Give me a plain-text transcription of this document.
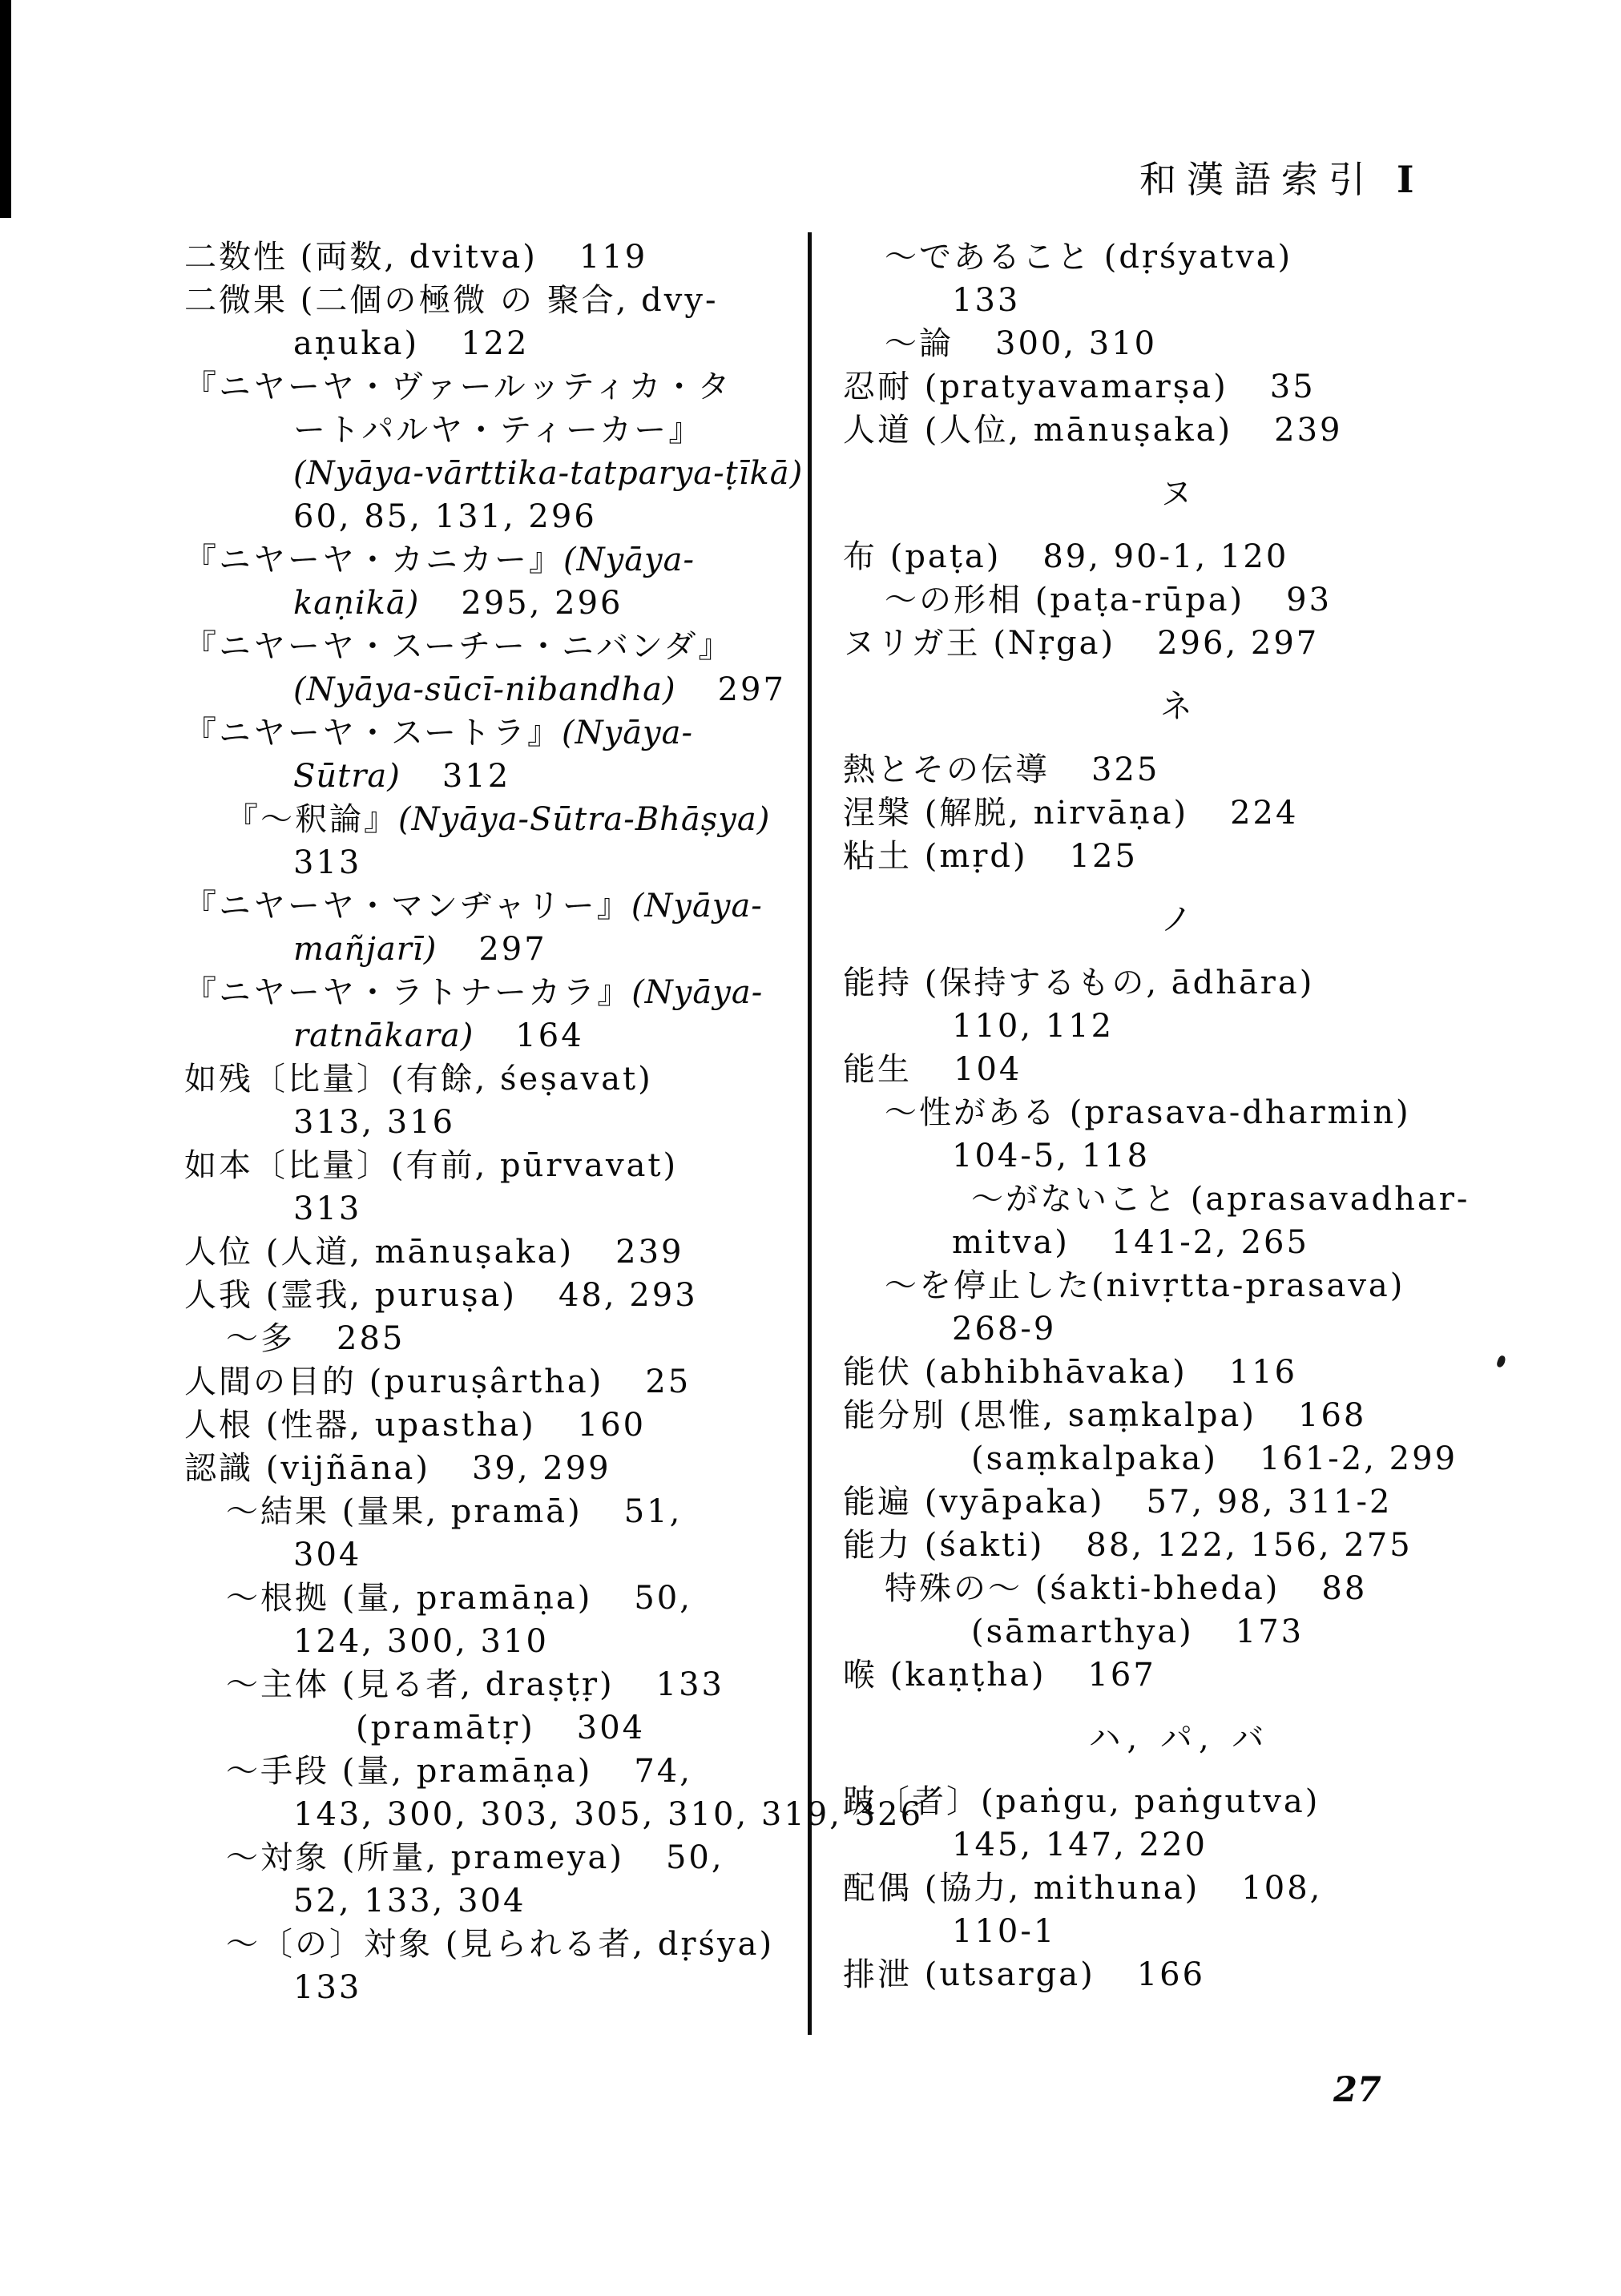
和漢語索引 I
二数性 (両数, dvitva) 119
二微果 (二個の極微 の 聚合, dvy-
aṇuka) 122
『ニヤーヤ・ヴァールッティカ・タ
ートパルヤ・ティーカー』
(Nyāya-vārttika-tatparya-ṭīkā)
60, 85, 131, 296
『ニヤーヤ・カニカー』(Nyāya-
kaṇikā) 295, 296
『ニヤーヤ・スーチー・ニバンダ』
(Nyāya-sūcī-nibandha) 297
『ニヤーヤ・スートラ』(Nyāya-
Sūtra) 312
『〜釈論』(Nyāya-Sūtra-Bhāṣya)
313
『ニヤーヤ・マンヂャリー』(Nyāya-
mañjarī) 297
『ニヤーヤ・ラトナーカラ』(Nyāya-
ratnākara) 164
如残〔比量〕(有餘, śeṣavat)
313, 316
如本〔比量〕(有前, pūrvavat)
313
人位 (人道, mānuṣaka) 239
人我 (霊我, puruṣa) 48, 293
〜多 285
人間の目的 (puruṣârtha) 25
人根 (性器, upastha) 160
認識 (vijñāna) 39, 299
〜結果 (量果, pramā) 51,
304
〜根拠 (量, pramāṇa) 50,
124, 300, 310
〜主体 (見る者, draṣṭṛ) 133
(pramātṛ) 304
〜手段 (量, pramāṇa) 74,
143, 300, 303, 305, 310, 319, 326
〜対象 (所量, prameya) 50,
52, 133, 304
〜〔の〕対象 (見られる者, dṛśya)
133
〜であること (dṛśyatva)
133
〜論 300, 310
忍耐 (pratyavamarṣa) 35
人道 (人位, mānuṣaka) 239
ヌ
布 (paṭa) 89, 90-1, 120
〜の形相 (paṭa-rūpa) 93
ヌリガ王 (Nṛga) 296, 297
ネ
熱とその伝導 325
涅槃 (解脱, nirvāṇa) 224
粘土 (mṛd) 125
ノ
能持 (保持するもの, ādhāra)
110, 112
能生 104
〜性がある (prasava-dharmin)
104-5, 118
〜がないこと (aprasavadhar-
mitva) 141-2, 265
〜を停止した(nivṛtta-prasava)
268-9
能伏 (abhibhāvaka) 116
能分別 (思惟, saṃkalpa) 168
(saṃkalpaka) 161-2, 299
能遍 (vyāpaka) 57, 98, 311-2
能力 (śakti) 88, 122, 156, 275
特殊の〜 (śakti-bheda) 88
(sāmarthya) 173
喉 (kaṇṭha) 167
ハ, パ, バ
跛〔者〕(paṅgu, paṅgutva)
145, 147, 220
配偶 (協力, mithuna) 108,
110-1
排泄 (utsarga) 166
27
